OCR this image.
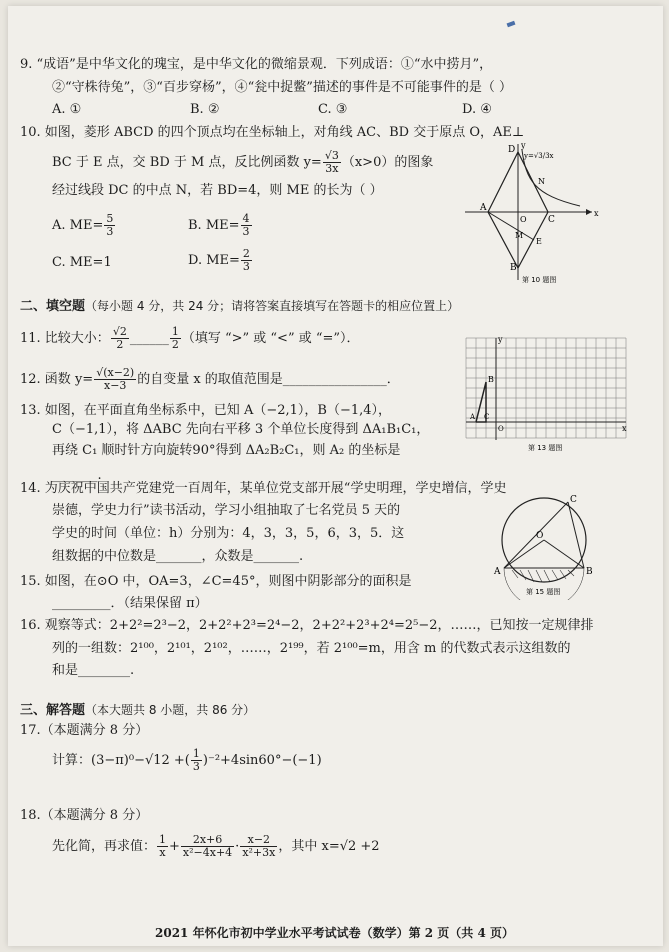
9. “成语”是中华文化的瑰宝，是中华文化的微缩景观．下列成语：①“水中捞月”，
②“守株待兔”，③“百步穿杨”，④“瓮中捉鳖”描述的事件是不可能事件的是（ ）
A. ①	B. ②	C. ③	D. ④
10. 如图，菱形 ABCD 的四个顶点均在坐标轴上，对角线 AC、BD 交于原点 O，AE⊥
BC 于 E 点，交 BD 于 M 点，反比例函数 $y= \frac{√3}{3x} (x>0)$的图象
经过线段 DC 的中点 N，若 BD=4，则 ME 的长为（ ）
A. $ME= \frac{5}{3}$	B. $ME= \frac{4}{3}$
C. ME=1	D. $ME= \frac{2}{3}$
D
A
O C
B
N
M
E
x
y
y=√3/3x
第 10 题图
二、填空题（每小题 4 分，共 24 分；请将答案直接填写在答题卡的相应位置上）
11. 比较大小： $\frac{√2}{2}$ ______ $\frac{1}{2}$ （填写 “>” 或 “<” 或 “=”）．
12. 函数 $y= \frac{√(x-2)}{x-3}$ 的自变量 x 的取值范围是________________．
13. 如图，在平面直角坐标系中，已知 A（−2,1），B（−1,4），
C（−1,1），将 ΔABC 先向右平移 3 个单位长度得到 ΔA₁B₁C₁，
再绕 C₁ 顺时针方向旋转90°得到 ΔA₂B₂C₁，则 A₂ 的坐标是
_______.
y
x
B
A C
O
第 13 题图
14. 为庆祝中国共产党建党一百周年，某单位党支部开展“学史明理，学史增信，学史
崇德，学史力行”读书活动，学习小组抽取了七名党员 5 天的
学史的时间（单位：h）分别为：4，3，3，5，6，3，5．这
组数据的中位数是_______，众数是_______.
C
O
A	B
第 15 题图
15. 如图，在⊙O 中，OA=3，∠C=45°，则图中阴影部分的面积是
_________．（结果保留 π）
16. 观察等式：2+2²=2³−2，2+2²+2³=2⁴−2，2+2²+2³+2⁴=2⁵−2，……，已知按一定规律排
列的一组数：2¹⁰⁰，2¹⁰¹，2¹⁰²，……，2¹⁹⁹，若 2¹⁰⁰=m，用含 m 的代数式表示这组数的
和是________.
三、解答题（本大题共 8 小题，共 86 分）
17.（本题满分 8 分）
计算：(3−π)⁰−√12 +( $\frac{1}{3} )^{-2}+4\sin 60^\circ-(-1)$
18.（本题满分 8 分）
先化简，再求值： $\frac{1}{x} + \frac{2x+6}{\text{x²−4x+4}} \cdot \frac{x-2}{\text{x²+3x}}$ ，其中 x=√2 +2
2021 年怀化市初中学业水平考试试卷（数学）第 2 页（共 4 页）
